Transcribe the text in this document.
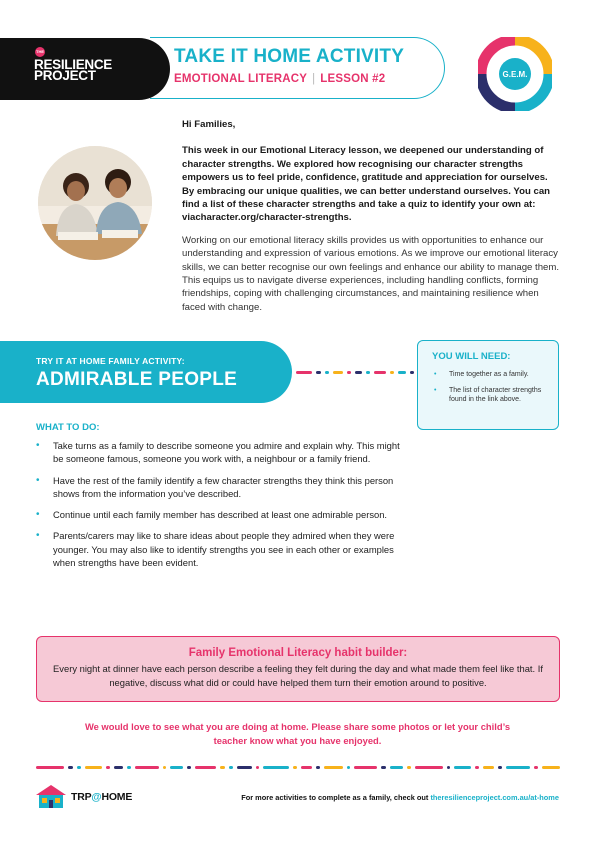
THE
RESILIENCE
PROJECT
TAKE IT HOME ACTIVITY
EMOTIONAL LITERACY | LESSON #2	G.E.M.

Hi Families,

This week in our Emotional Literacy lesson, we deepened our understanding of character strengths. We explored how recognising our character strengths empowers us to feel pride, confidence, gratitude and appreciation for ourselves. By embracing our unique qualities, we can better understand ourselves. You can find a list of these character strengths and take a quiz to identify your own at: viacharacter.org/character-strengths.

Working on our emotional literacy skills provides us with opportunities to enhance our understanding and expression of various emotions. As we improve our emotional literacy skills, we can better recognise our own feelings and enhance our ability to manage them. This equips us to navigate diverse experiences, including handling conflicts, forming friendships, coping with challenging circumstances, and maintaining resilience when faced with change.

TRY IT AT HOME FAMILY ACTIVITY:
ADMIRABLE PEOPLE
YOU WILL NEED:
• Time together as a family.
• The list of character strengths found in the link above.
WHAT TO DO:
• Take turns as a family to describe someone you admire and explain why. This might be someone famous, someone you work with, a neighbour or a family friend.
• Have the rest of the family identify a few character strengths they think this person shows from the information you’ve described.
• Continue until each family member has described at least one admirable person.
• Parents/carers may like to share ideas about people they admired when they were younger. You may also like to identify strengths you see in each other or examples when strengths have been evident.
Family Emotional Literacy habit builder:
Every night at dinner have each person describe a feeling they felt during the day and what made them feel like that. If negative, discuss what did or could have helped them turn their emotion around to positive.
We would love to see what you are doing at home. Please share some photos or let your child’s teacher know what you have enjoyed.
TRP@HOME	For more activities to complete as a family, check out theresilienceproject.com.au/at-home
